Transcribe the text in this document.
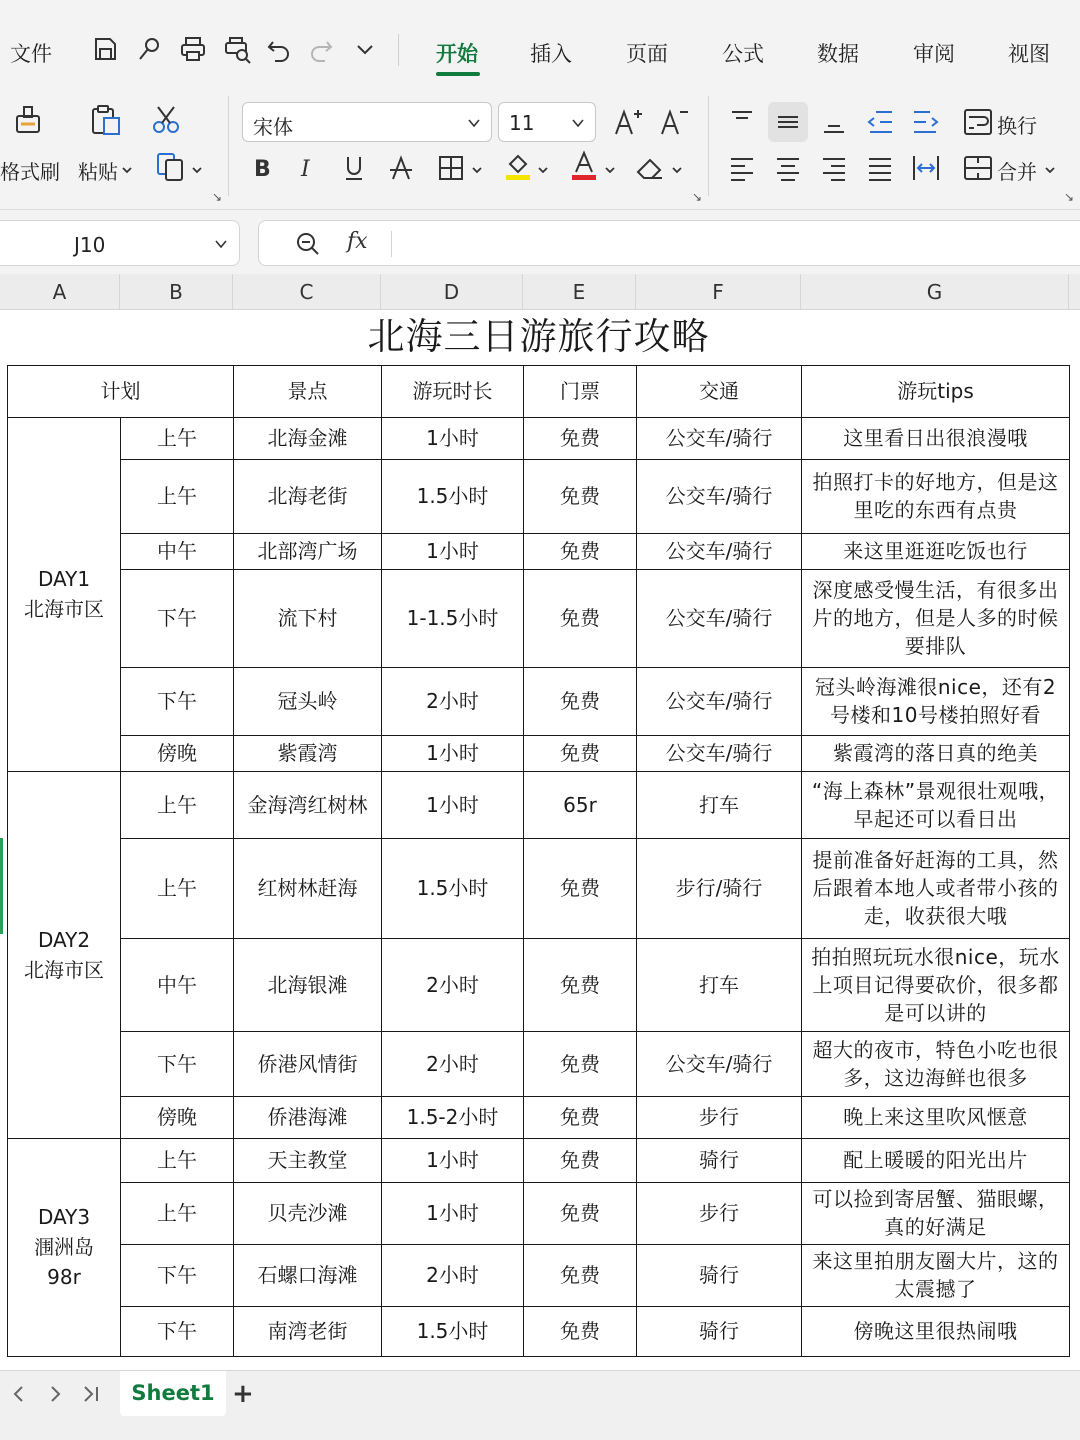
文件	开始 插入	页面	公式	数据	审阅	视图
格式刷 粘贴
↘
宋体	11
B I
↘
换行
合并
↘
J10	fx
A	B	C	D	E	F	G
北海三日游旅行攻略						
计划		景点	游玩时长	门票	交通	游玩tips
DAY1
北海市区	上午	北海金滩	1小时	免费	公交车/骑行	这里看日出很浪漫哦
	上午	北海老街	1.5小时	免费	公交车/骑行	拍照打卡的好地方，但是这里吃的东西有点贵
	中午	北部湾广场	1小时	免费	公交车/骑行	来这里逛逛吃饭也行
	下午	流下村	1-1.5小时	免费	公交车/骑行	深度感受慢生活，有很多出片的地方，但是人多的时候要排队
	下午	冠头岭	2小时	免费	公交车/骑行	冠头岭海滩很nice，还有2号楼和10号楼拍照好看
	傍晚	紫霞湾	1小时	免费	公交车/骑行	紫霞湾的落日真的绝美
DAY2
北海市区	上午	金海湾红树林	1小时	65r	打车	“海上森林”景观很壮观哦，早起还可以看日出
	上午	红树林赶海	1.5小时	免费	步行/骑行	提前准备好赶海的工具，然后跟着本地人或者带小孩的走，收获很大哦
	中午	北海银滩	2小时	免费	打车	拍拍照玩玩水很nice，玩水上项目记得要砍价，很多都是可以讲的
	下午	侨港风情街	2小时	免费	公交车/骑行	超大的夜市，特色小吃也很多，这边海鲜也很多
	傍晚	侨港海滩	1.5-2小时	免费	步行	晚上来这里吹风惬意
DAY3
涠洲岛
98r	上午	天主教堂	1小时	免费	骑行	配上暖暖的阳光出片
	上午	贝壳沙滩	1小时	免费	步行	可以捡到寄居蟹、猫眼螺，真的好满足
	下午	石螺口海滩	2小时	免费	骑行	来这里拍朋友圈大片，这的太震撼了
	下午	南湾老街	1.5小时	免费	骑行	傍晚这里很热闹哦
Sheet1 +
